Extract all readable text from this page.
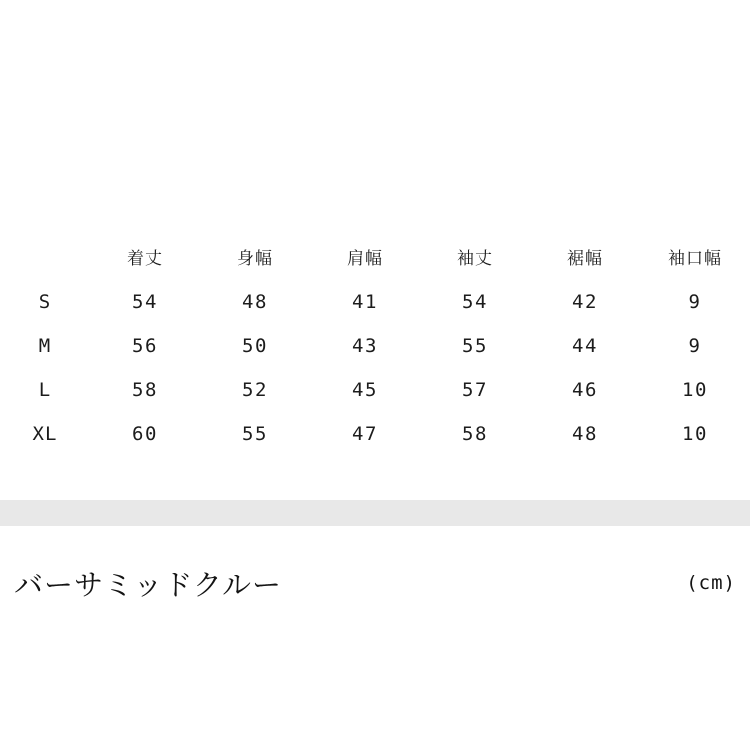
	着丈	身幅	肩幅	袖丈	裾幅	袖口幅
S	54	48	41	54	42	9
M	56	50	43	55	44	9
L	58	52	45	57	46	10
XL	60	55	47	58	48	10
バーサミッドクルー	(cm)
